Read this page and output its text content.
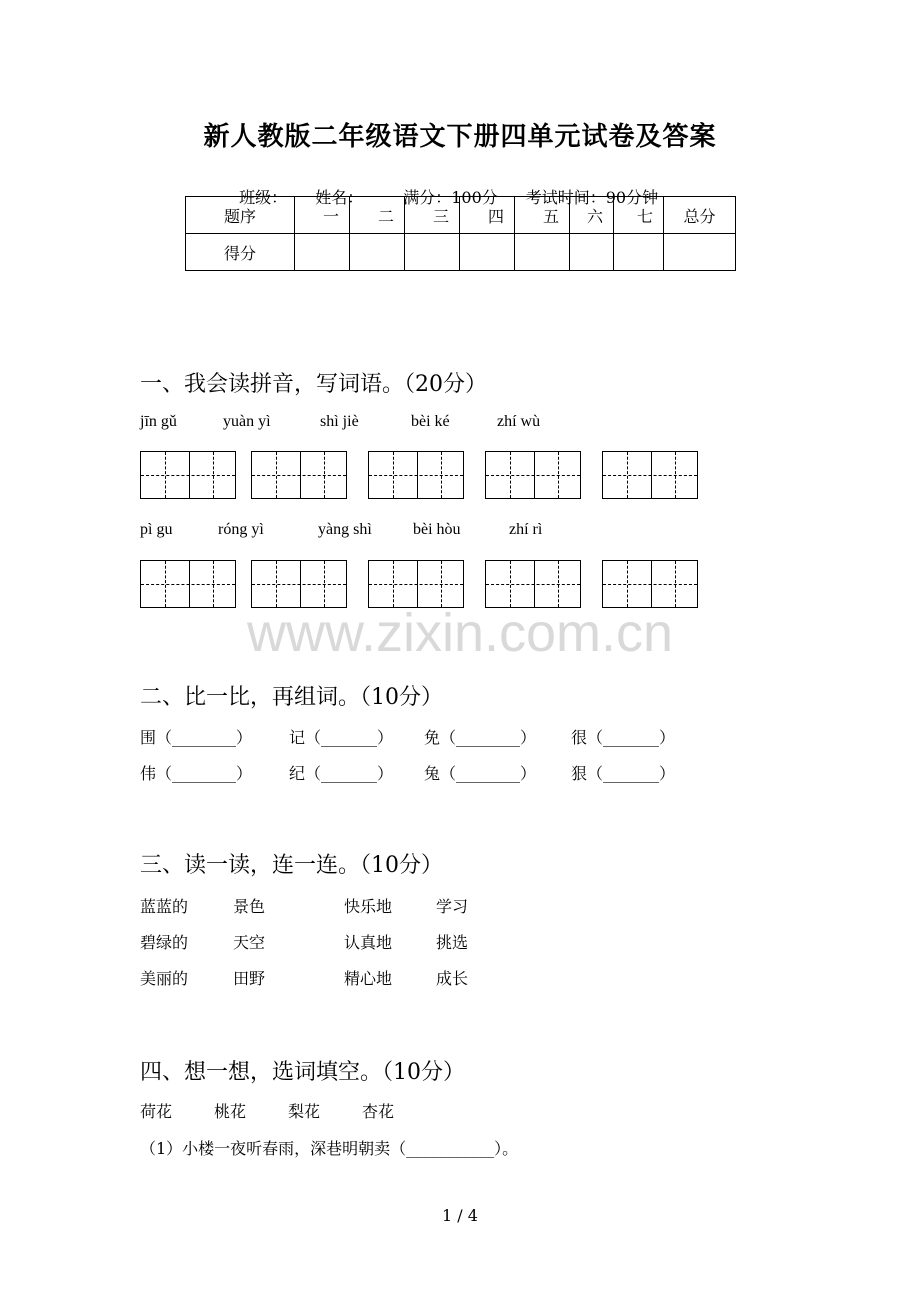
新人教版二年级语文下册四单元试卷及答案

班级： 姓名：	满分：100分 考试时间：90分钟

题序	一	二	三	四	五	六	七	总分
得分								
一、我会读拼音，写词语。（20分）
jīn gǔ	yuàn yì	shì jiè	bèi ké	zhí wù
pì gu	róng yì	yàng shì	bèi hòu	zhí rì
www.zixin.com.cn
二、比一比，再组词。（10分）
围（________） 记（_______） 免（________） 很（_______）
伟（________） 纪（_______） 兔（________） 狠（_______）
三、读一读，连一连。（10分）
蓝蓝的	景色	快乐地	学习
碧绿的	天空	认真地	挑选
美丽的	田野	精心地	成长
四、想一想，选词填空。（10分）
荷花	桃花	梨花	杏花
（1）小楼一夜听春雨，深巷明朝卖（___________）。
1 / 4
